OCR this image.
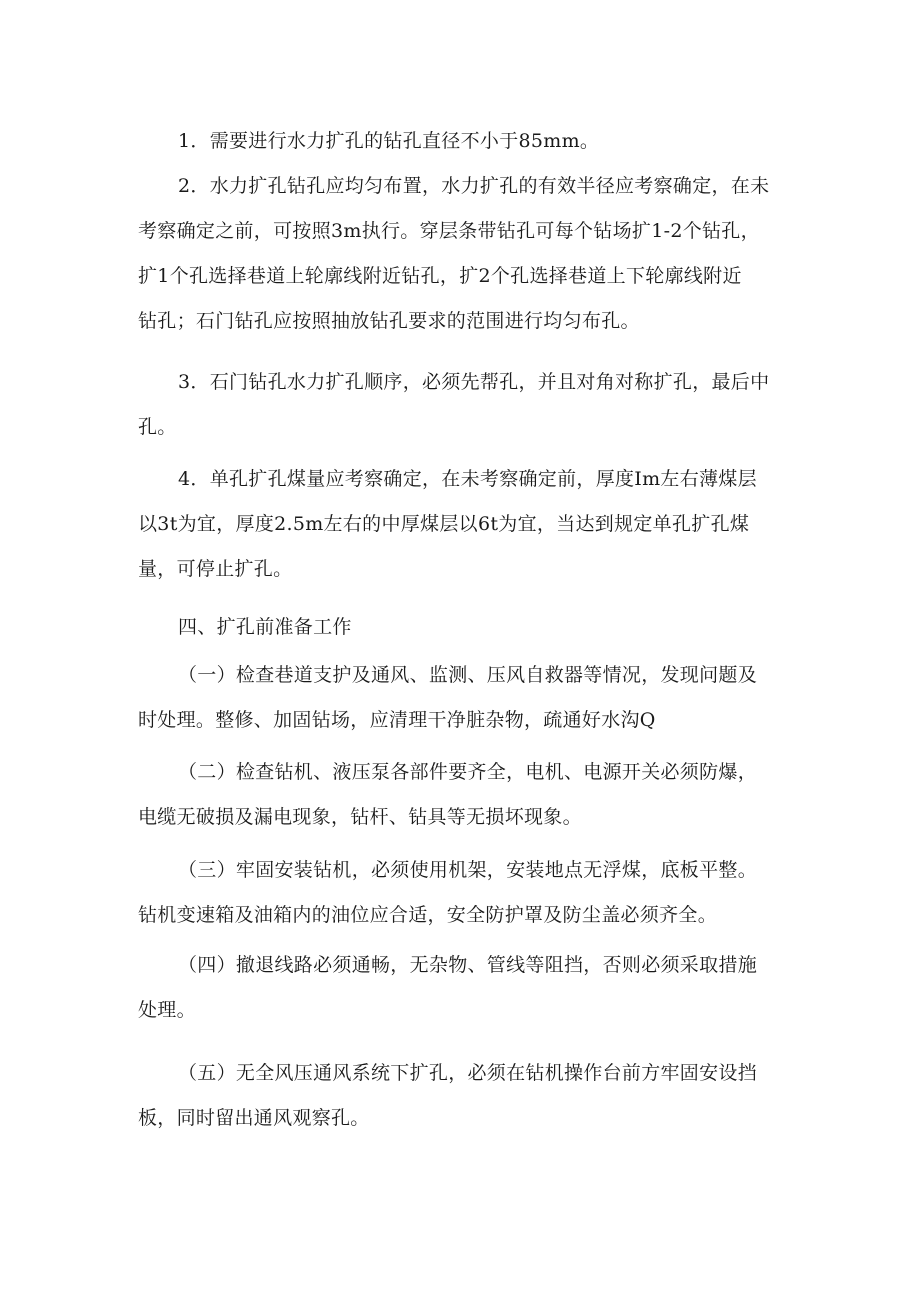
1．需要进行水力扩孔的钻孔直径不小于85mm。

2．水力扩孔钻孔应均匀布置，水力扩孔的有效半径应考察确定，在未
考察确定之前，可按照3m执行。穿层条带钻孔可每个钻场扩1-2个钻孔，
扩1个孔选择巷道上轮廓线附近钻孔，扩2个孔选择巷道上下轮廓线附近
钻孔；石门钻孔应按照抽放钻孔要求的范围进行均匀布孔。

3．石门钻孔水力扩孔顺序，必须先帮孔，并且对角对称扩孔，最后中
孔。

4．单孔扩孔煤量应考察确定，在未考察确定前，厚度Im左右薄煤层
以3t为宜，厚度2.5m左右的中厚煤层以6t为宜，当达到规定单孔扩孔煤
量，可停止扩孔。

四、扩孔前准备工作

（一）检查巷道支护及通风、监测、压风自救器等情况，发现问题及
时处理。整修、加固钻场，应清理干净脏杂物，疏通好水沟Q

（二）检查钻机、液压泵各部件要齐全，电机、电源开关必须防爆，
电缆无破损及漏电现象，钻杆、钻具等无损坏现象。

（三）牢固安装钻机，必须使用机架，安装地点无浮煤，底板平整。
钻机变速箱及油箱内的油位应合适，安全防护罩及防尘盖必须齐全。

（四）撤退线路必须通畅，无杂物、管线等阻挡，否则必须采取措施
处理。

（五）无全风压通风系统下扩孔，必须在钻机操作台前方牢固安设挡
板，同时留出通风观察孔。
